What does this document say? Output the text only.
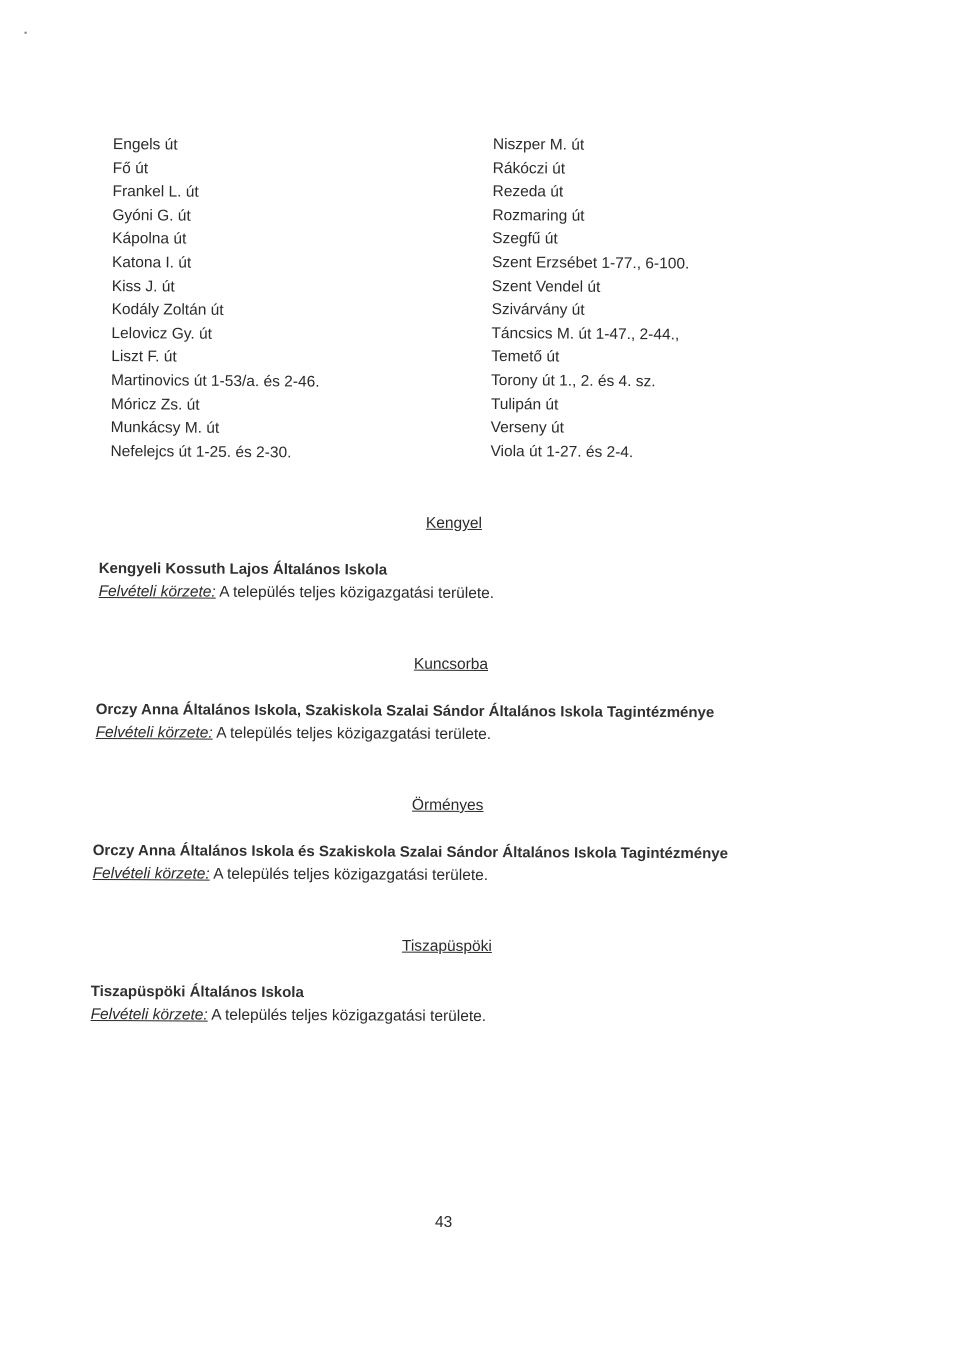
•
Engels út
Fő út
Frankel L. út
Gyóni G. út
Kápolna út
Katona I. út
Kiss J. út
Kodály Zoltán út
Lelovicz Gy. út
Liszt F. út
Martinovics út 1-53/a. és 2-46.
Móricz Zs. út
Munkácsy M. út
Nefelejcs út 1-25. és 2-30.
Niszper M. út
Rákóczi út
Rezeda út
Rozmaring út
Szegfű út
Szent Erzsébet 1-77., 6-100.
Szent Vendel út
Szivárvány út
Táncsics M. út 1-47., 2-44.,
Temető út
Torony út 1., 2. és 4. sz.
Tulipán út
Verseny út
Viola út 1-27. és 2-4.
Kengyel
Kengyeli Kossuth Lajos Általános Iskola
Felvételi körzete: A település teljes közigazgatási területe.
Kuncsorba
Orczy Anna Általános Iskola, Szakiskola Szalai Sándor Általános Iskola Tagintézménye
Felvételi körzete: A település teljes közigazgatási területe.
Örményes
Orczy Anna Általános Iskola és Szakiskola Szalai Sándor Általános Iskola Tagintézménye
Felvételi körzete: A település teljes közigazgatási területe.
Tiszapüspöki
Tiszapüspöki Általános Iskola
Felvételi körzete: A település teljes közigazgatási területe.
43
